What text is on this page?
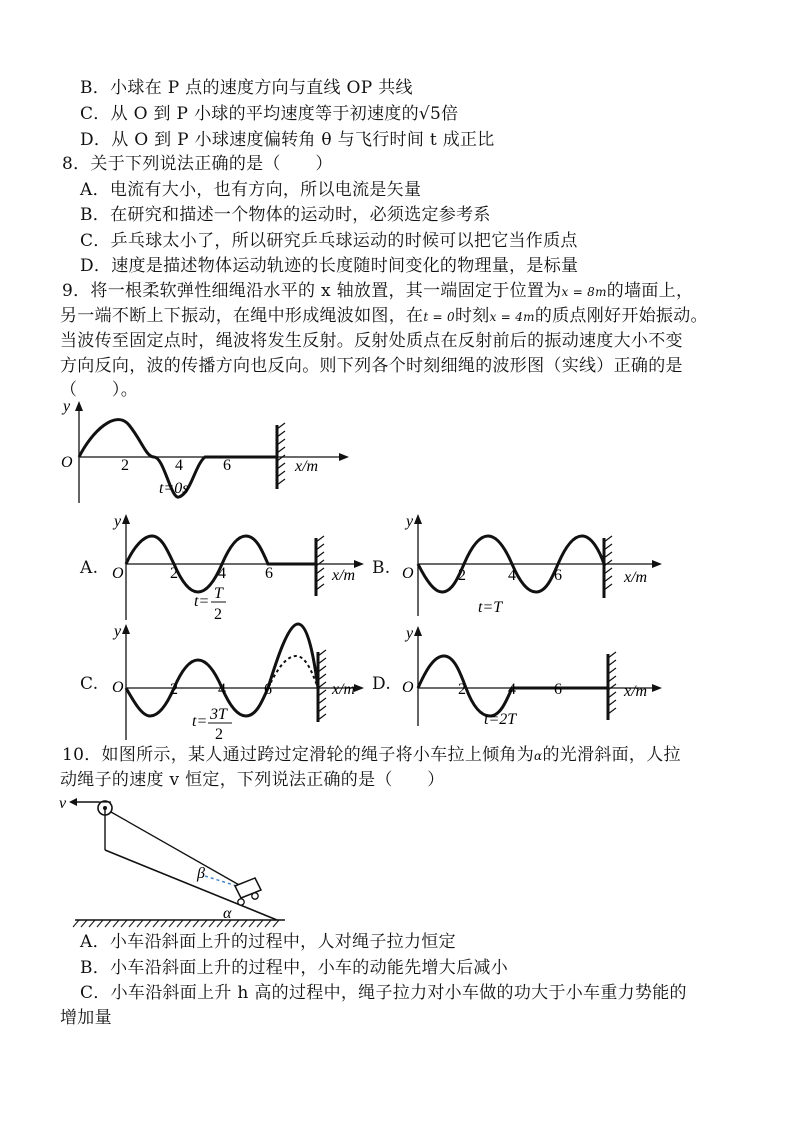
B．小球在 P 点的速度方向与直线 OP 共线
C．从 O 到 P 小球的平均速度等于初速度的√5倍
D．从 O 到 P 小球速度偏转角 θ 与飞行时间 t 成正比
8．关于下列说法正确的是（　　）
A．电流有大小，也有方向，所以电流是矢量
B．在研究和描述一个物体的运动时，必须选定参考系
C．乒乓球太小了，所以研究乒乓球运动的时候可以把它当作质点
D．速度是描述物体运动轨迹的长度随时间变化的物理量，是标量
9．将一根柔软弹性细绳沿水平的 x 轴放置，其一端固定于位置为x = 8m的墙面上，
另一端不断上下振动，在绳中形成绳波如图，在t = 0时刻x = 4m的质点刚好开始振动。
当波传至固定点时，绳波将发生反射。反射处质点在反射前后的振动速度大小不变
方向反向，波的传播方向也反向。则下列各个时刻细绳的波形图（实线）正确的是
（　　）。
y
O	2	4	6	x/m
t=0s
A.
y
O	2	4 6	x/m
t= T
2
B.
y
O	2	4 6	x/m
t=T
C.
y
O	2	4 6	x/m
t= 3T
2
D.
y
O	2	4 6	x/m
t=2T
10．如图所示，某人通过跨过定滑轮的绳子将小车拉上倾角为α的光滑斜面，人拉
动绳子的速度 v 恒定，下列说法正确的是（　　）
v
β
α
A．小车沿斜面上升的过程中，人对绳子拉力恒定
B．小车沿斜面上升的过程中，小车的动能先增大后减小
C．小车沿斜面上升 h 高的过程中，绳子拉力对小车做的功大于小车重力势能的
增加量
